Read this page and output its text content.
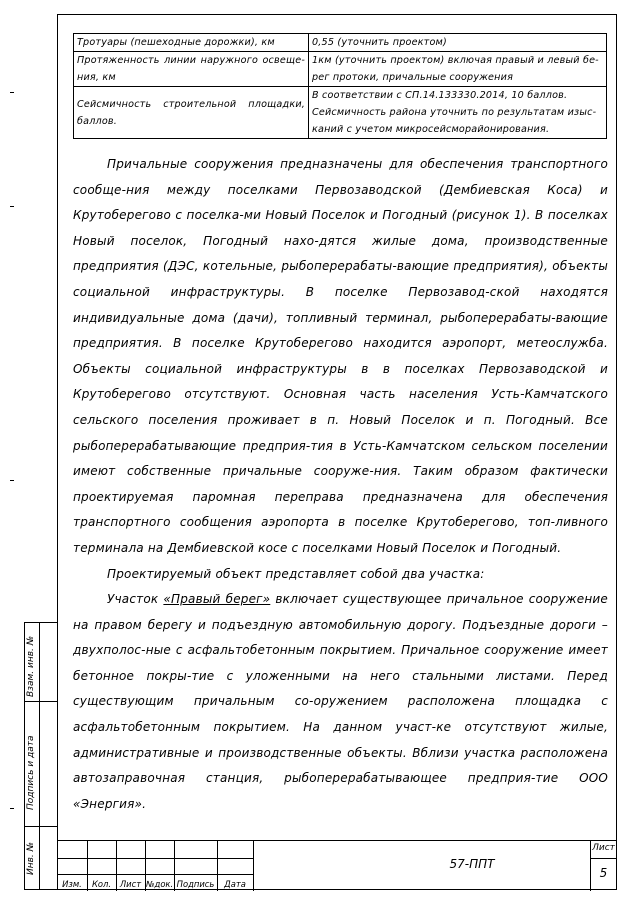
Тротуары (пешеходные дорожки), км	0,55 (уточнить проектом)
Протяженность линии наружного освеще-ния, км	1км (уточнить проектом) включая правый и левый бе-рег протоки, причальные сооружения
Сейсмичность строительной площадки, баллов.	В соответствии с СП.14.133330.2014, 10 баллов. Сейсмичность района уточнить по результатам изыс-каний с учетом микросейсморайонирования.

Причальные сооружения предназначены для обеспечения транспортного сообще-ния между поселками Первозаводской (Дембиевская Коса) и Крутоберегово с поселка-ми Новый Поселок и Погодный (рисунок 1). В поселках Новый поселок, Погодный нахо-дятся жилые дома, производственные предприятия (ДЭС, котельные, рыбоперерабаты-вающие предприятия), объекты социальной инфраструктуры. В поселке Первозавод-ской находятся индивидуальные дома (дачи), топливный терминал, рыбоперерабаты-вающие предприятия. В поселке Крутоберегово находится аэропорт, метеослужба. Объекты социальной инфраструктуры в в поселках Первозаводской и Крутоберегово отсутствуют. Основная часть населения Усть-Камчатского сельского поселения проживает в п. Новый Поселок и п. Погодный. Все рыбоперерабатывающие предприя-тия в Усть-Камчатском сельском поселении имеют собственные причальные сооруже-ния. Таким образом фактически проектируемая паромная переправа предназначена для обеспечения транспортного сообщения аэропорта в поселке Крутоберегово, топ-ливного терминала на Дембиевской косе с поселками Новый Поселок и Погодный.

Проектируемый объект представляет собой два участка:

Участок «Правый берег» включает существующее причальное сооружение на правом берегу и подъездную автомобильную дорогу. Подъездные дороги – двухполос-ные с асфальтобетонным покрытием. Причальное сооружение имеет бетонное покры-тие с уложенными на него стальными листами. Перед существующим причальным со-оружением расположена площадка с асфальтобетонным покрытием. На данном участ-ке отсутствуют жилые, административные и производственные объекты. Вблизи участка расположена автозаправочная станция, рыбоперерабатывающее предприя-тие ООО «Энергия».

Взам. инв. №
Подпись и дата
Инв. №
Изм.	Кол.	Лист №док. Подпись	Дата
57-ППТ
Лист
5
